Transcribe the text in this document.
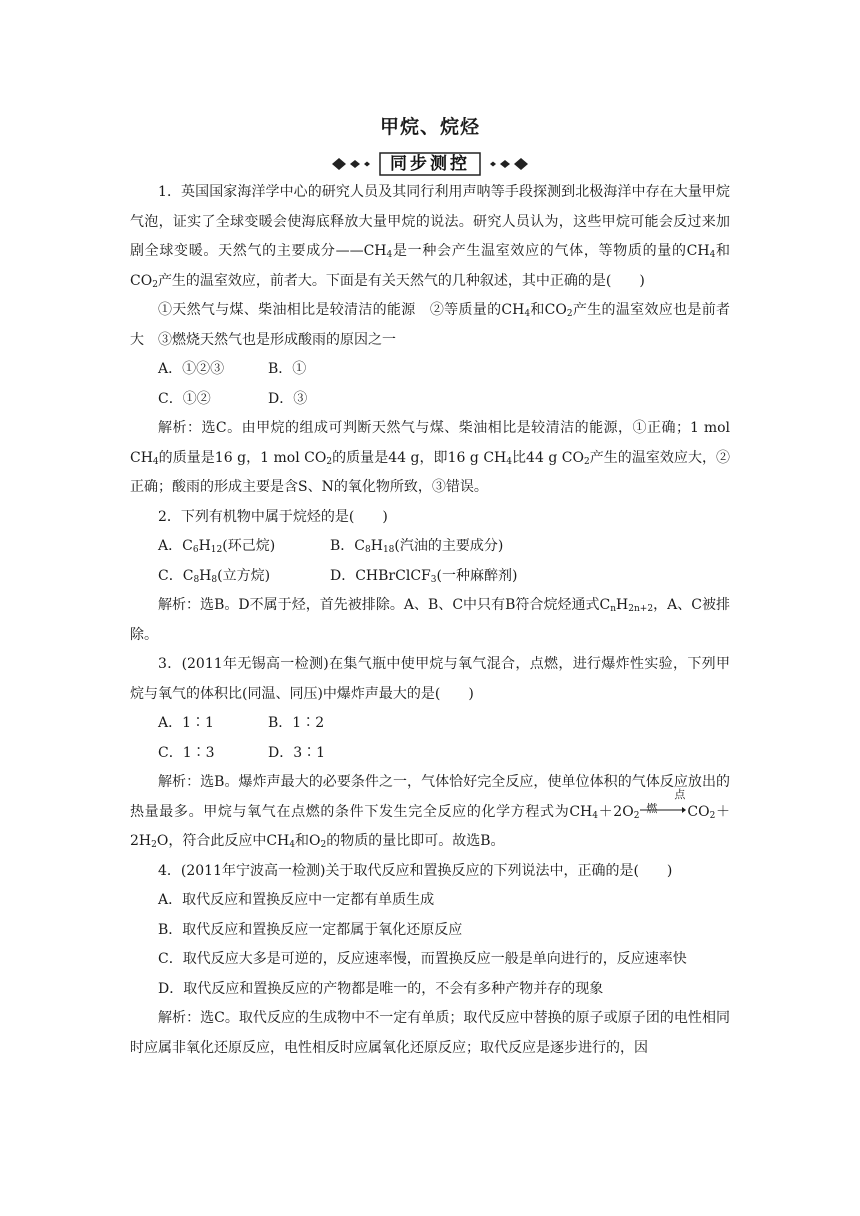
甲烷、烷烃
同步测控

1．英国国家海洋学中心的研究人员及其同行利用声呐等手段探测到北极海洋中存在大量甲烷气泡，证实了全球变暖会使海底释放大量甲烷的说法。研究人员认为，这些甲烷可能会反过来加剧全球变暖。天然气的主要成分$——CH_4$是一种会产生温室效应的气体，等物质的量的$CH_4$和$CO_2$产生的温室效应，前者大。下面是有关天然气的几种叙述，其中正确的是(　　)

①天然气与煤、柴油相比是较清洁的能源　②等质量的$CH_4$和$CO_2$产生的温室效应也是前者大　③燃烧天然气也是形成酸雨的原因之一

A．①②③	B．①
C．①②	D．③

解析：选C。由甲烷的组成可判断天然气与煤、柴油相比是较清洁的能源，①正确；1 mol $CH_4$的质量是16 g，1 mol $CO_2$的质量是44 g，即16 g $CH_4$比44 g $CO_2$产生的温室效应大，②正确；酸雨的形成主要是含S、N的氧化物所致，③错误。

2．下列有机物中属于烷烃的是(　　)

A．$C_6H_{12}$(环己烷)	B．$C_8H_{18}$(汽油的主要成分)
C．$C_8H_8$(立方烷)	D．CHBrClCF$_3$(一种麻醉剂)

解析：选B。D不属于烃，首先被排除。A、B、C中只有B符合烷烃通式$C_nH_{2n+2}$，A、C被排除。

3．(2011年无锡高一检测)在集气瓶中使甲烷与氧气混合，点燃，进行爆炸性实验，下列甲烷与氧气的体积比(同温、同压)中爆炸声最大的是(　　)

A．1∶1	B．1∶2
C．1∶3	D．3∶1

解析：选B。爆炸声最大的必要条件之一，气体恰好完全反应，使单位体积的气体反应放出的热量最多。甲烷与氧气在点燃的条件下发生完全反应的化学方程式为$CH_4+2O_2$
点燃	$CO_2+2H_2O$，符合此反应中$CH_4$和$O_2$的物质的量比即可。故选B。

4．(2011年宁波高一检测)关于取代反应和置换反应的下列说法中，正确的是(　　)

A．取代反应和置换反应中一定都有单质生成

B．取代反应和置换反应一定都属于氧化还原反应

C．取代反应大多是可逆的，反应速率慢，而置换反应一般是单向进行的，反应速率快

D．取代反应和置换反应的产物都是唯一的，不会有多种产物并存的现象

解析：选C。取代反应的生成物中不一定有单质；取代反应中替换的原子或原子团的电性相同时应属非氧化还原反应，电性相反时应属氧化还原反应；取代反应是逐步进行的，因
